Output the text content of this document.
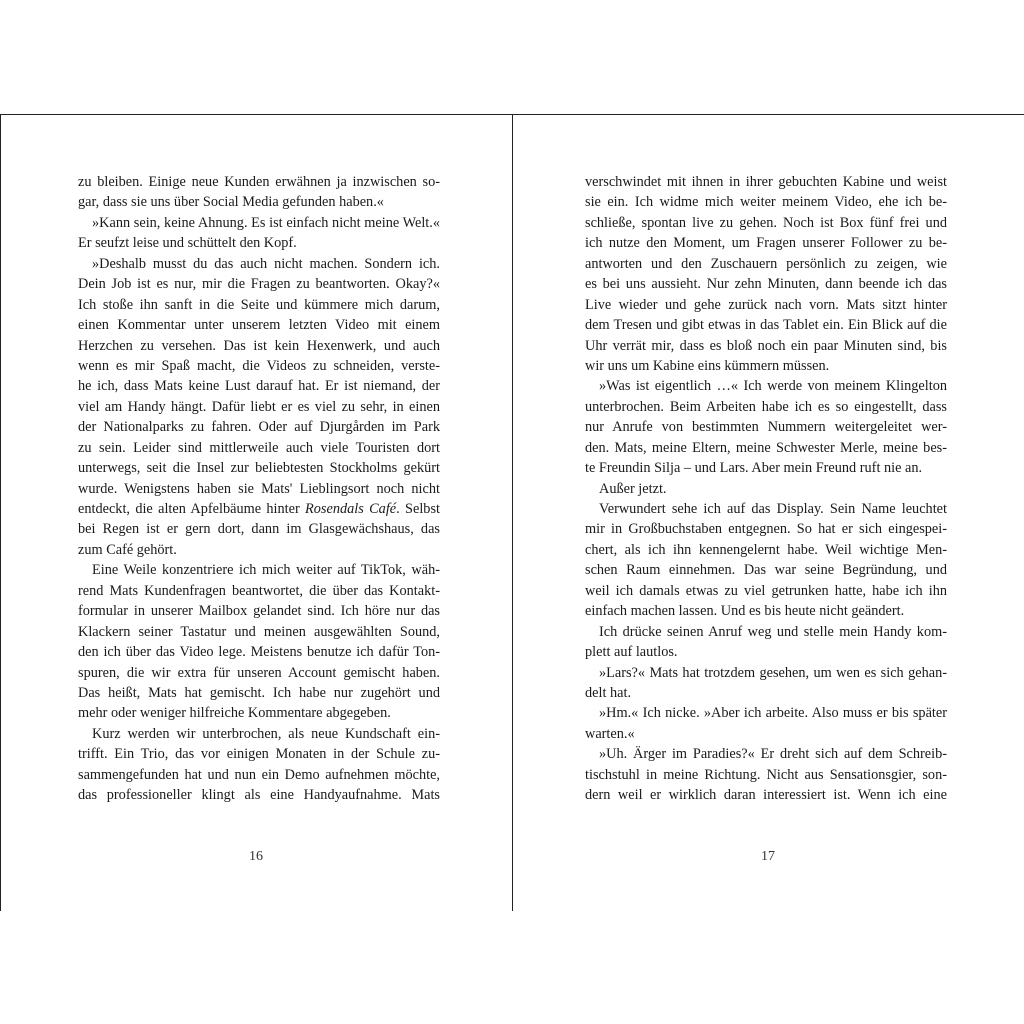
zu bleiben. Einige neue Kunden erwähnen ja inzwischen so-
gar, dass sie uns über Social Media gefunden haben.«
»Kann sein, keine Ahnung. Es ist einfach nicht meine Welt.«
Er seufzt leise und schüttelt den Kopf.
»Deshalb musst du das auch nicht machen. Sondern ich.
Dein Job ist es nur, mir die Fragen zu beantworten. Okay?«
Ich stoße ihn sanft in die Seite und kümmere mich darum,
einen Kommentar unter unserem letzten Video mit einem
Herzchen zu versehen. Das ist kein Hexenwerk, und auch
wenn es mir Spaß macht, die Videos zu schneiden, verste-
he ich, dass Mats keine Lust darauf hat. Er ist niemand, der
viel am Handy hängt. Dafür liebt er es viel zu sehr, in einen
der Nationalparks zu fahren. Oder auf Djurgården im Park
zu sein. Leider sind mittlerweile auch viele Touristen dort
unterwegs, seit die Insel zur beliebtesten Stockholms gekürt
wurde. Wenigstens haben sie Mats' Lieblingsort noch nicht
entdeckt, die alten Apfelbäume hinter Rosendals Café. Selbst
bei Regen ist er gern dort, dann im Glasgewächshaus, das
zum Café gehört.
Eine Weile konzentriere ich mich weiter auf TikTok, wäh-
rend Mats Kundenfragen beantwortet, die über das Kontakt-
formular in unserer Mailbox gelandet sind. Ich höre nur das
Klackern seiner Tastatur und meinen ausgewählten Sound,
den ich über das Video lege. Meistens benutze ich dafür Ton-
spuren, die wir extra für unseren Account gemischt haben.
Das heißt, Mats hat gemischt. Ich habe nur zugehört und
mehr oder weniger hilfreiche Kommentare abgegeben.
Kurz werden wir unterbrochen, als neue Kundschaft ein-
trifft. Ein Trio, das vor einigen Monaten in der Schule zu-
sammengefunden hat und nun ein Demo aufnehmen möchte,
das professioneller klingt als eine Handyaufnahme. Mats
verschwindet mit ihnen in ihrer gebuchten Kabine und weist
sie ein. Ich widme mich weiter meinem Video, ehe ich be-
schließe, spontan live zu gehen. Noch ist Box fünf frei und
ich nutze den Moment, um Fragen unserer Follower zu be-
antworten und den Zuschauern persönlich zu zeigen, wie
es bei uns aussieht. Nur zehn Minuten, dann beende ich das
Live wieder und gehe zurück nach vorn. Mats sitzt hinter
dem Tresen und gibt etwas in das Tablet ein. Ein Blick auf die
Uhr verrät mir, dass es bloß noch ein paar Minuten sind, bis
wir uns um Kabine eins kümmern müssen.
»Was ist eigentlich …« Ich werde von meinem Klingelton
unterbrochen. Beim Arbeiten habe ich es so eingestellt, dass
nur Anrufe von bestimmten Nummern weitergeleitet wer-
den. Mats, meine Eltern, meine Schwester Merle, meine bes-
te Freundin Silja – und Lars. Aber mein Freund ruft nie an.
Außer jetzt.
Verwundert sehe ich auf das Display. Sein Name leuchtet
mir in Großbuchstaben entgegnen. So hat er sich eingespei-
chert, als ich ihn kennengelernt habe. Weil wichtige Men-
schen Raum einnehmen. Das war seine Begründung, und
weil ich damals etwas zu viel getrunken hatte, habe ich ihn
einfach machen lassen. Und es bis heute nicht geändert.
Ich drücke seinen Anruf weg und stelle mein Handy kom-
plett auf lautlos.
»Lars?« Mats hat trotzdem gesehen, um wen es sich gehan-
delt hat.
»Hm.« Ich nicke. »Aber ich arbeite. Also muss er bis später
warten.«
»Uh. Ärger im Paradies?« Er dreht sich auf dem Schreib-
tischstuhl in meine Richtung. Nicht aus Sensationsgier, son-
dern weil er wirklich daran interessiert ist. Wenn ich eine
16	17
